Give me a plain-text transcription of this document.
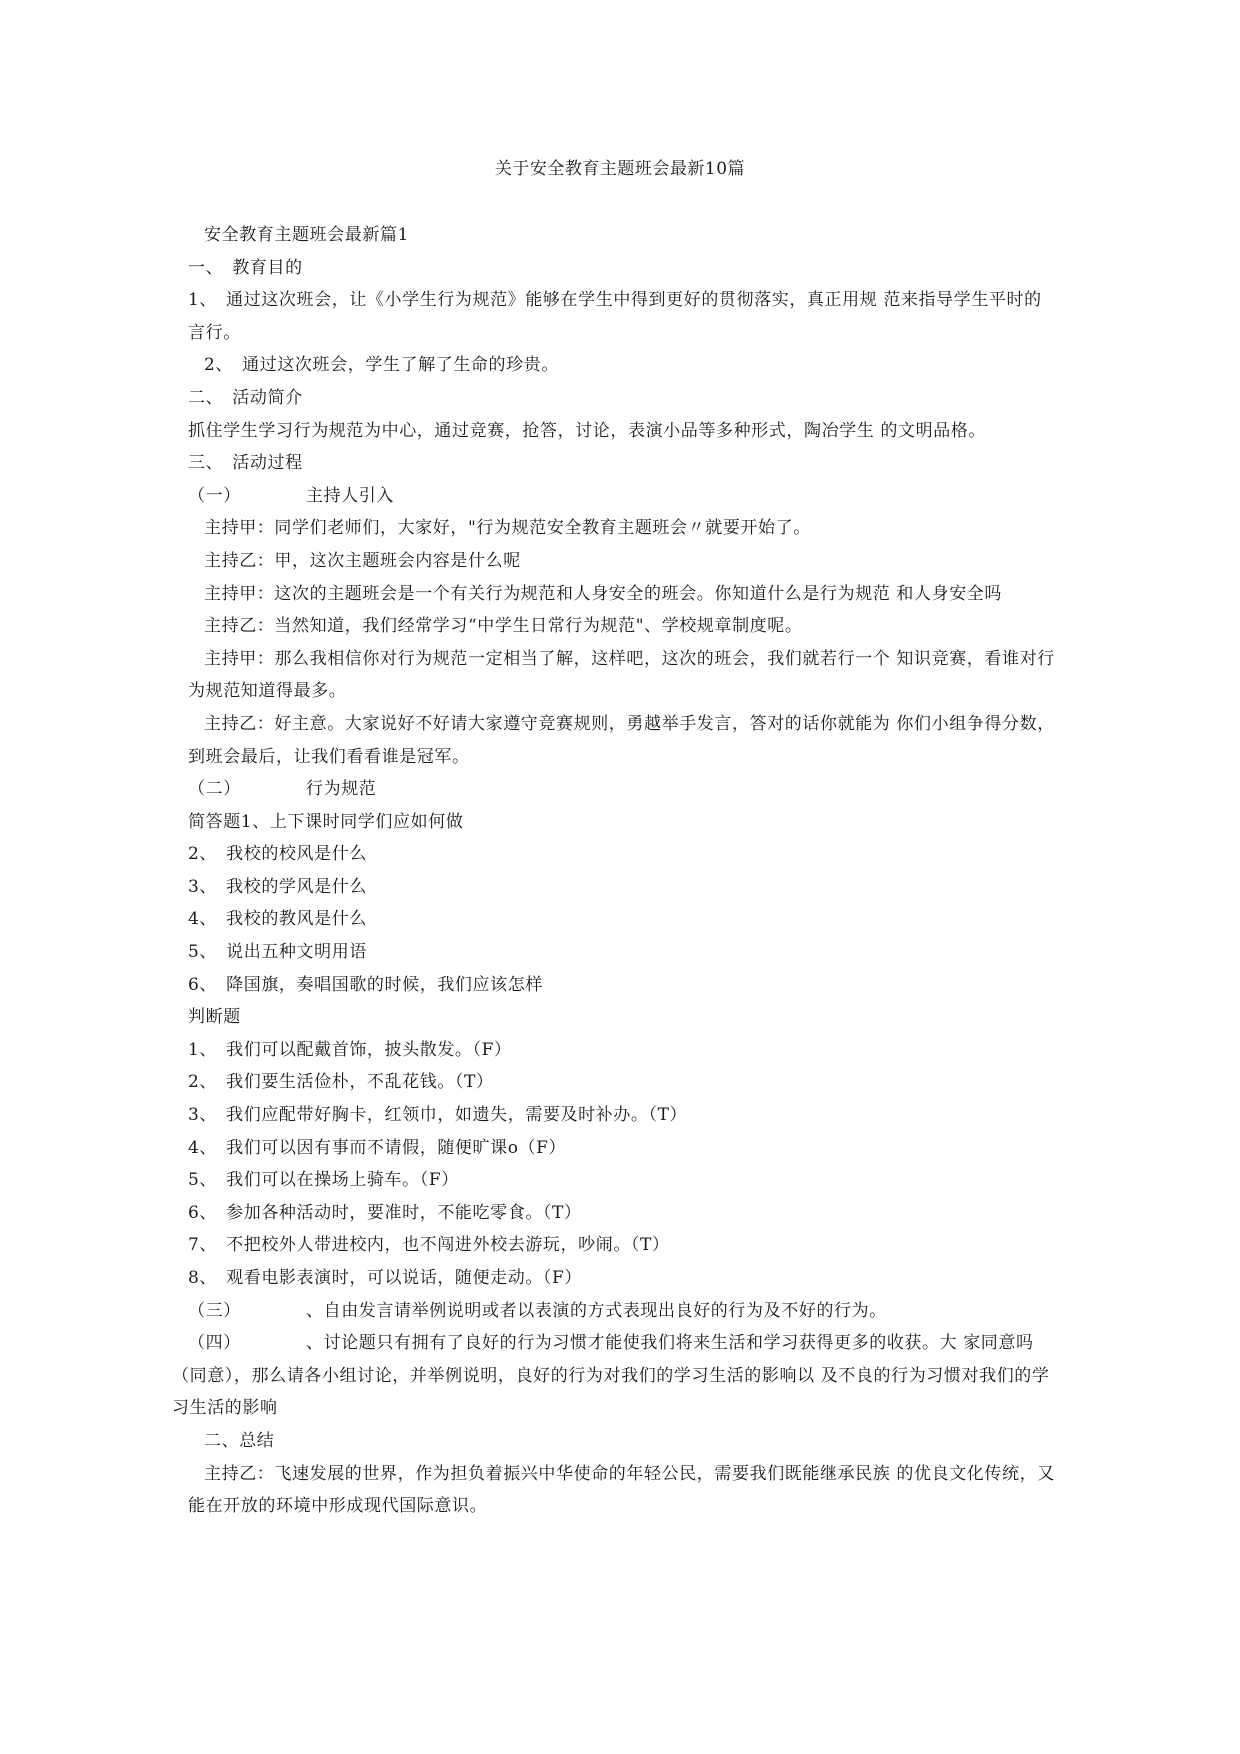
关于安全教育主题班会最新10篇

安全教育主题班会最新篇1

一、　教育目的

1、　通过这次班会，让《小学生行为规范》能够在学生中得到更好的贯彻落实，真正用规 范来指导学生平时的言行。

2、　通过这次班会，学生了解了生命的珍贵。

二、　活动简介

抓住学生学习行为规范为中心，通过竞赛，抢答，讨论，表演小品等多种形式，陶冶学生 的文明品格。

三、　活动过程

（一）	主持人引入

主持甲：同学们老师们，大家好，"行为规范安全教育主题班会〃就要开始了。

主持乙：甲，这次主题班会内容是什么呢

主持甲：这次的主题班会是一个有关行为规范和人身安全的班会。你知道什么是行为规范 和人身安全吗

主持乙：当然知道，我们经常学习“中学生日常行为规范"、学校规章制度呢。

主持甲：那么我相信你对行为规范一定相当了解，这样吧，这次的班会，我们就若行一个 知识竞赛，看谁对行为规范知道得最多。

主持乙：好主意。大家说好不好请大家遵守竞赛规则，勇越举手发言，答对的话你就能为 你们小组争得分数，到班会最后，让我们看看谁是冠军。

（二）	行为规范

简答题1、上下课时同学们应如何做

2、　我校的校风是什么

3、　我校的学风是什么

4、　我校的教风是什么

5、　说出五种文明用语

6、　降国旗，奏唱国歌的时候，我们应该怎样

判断题

1、　我们可以配戴首饰，披头散发。（F）

2、　我们要生活俭朴，不乱花钱。（T）

3、　我们应配带好胸卡，红领巾，如遗失，需要及时补办。（T）

4、　我们可以因有事而不请假，随便旷课o（F）

5、　我们可以在操场上骑车。（F）

6、　参加各种活动时，要准时，不能吃零食。（T）

7、　不把校外人带进校内，也不闯进外校去游玩，吵闹。（T）

8、　观看电影表演时，可以说话，随便走动。（F）

（三）	、自由发言请举例说明或者以表演的方式表现出良好的行为及不好的行为。

（四）	、讨论题只有拥有了良好的行为习惯才能使我们将来生活和学习获得更多的收获。大 家同意吗（同意），那么请各小组讨论，并举例说明，良好的行为对我们的学习生活的影响以 及不良的行为习惯对我们的学习生活的影响

二、总结

主持乙：飞速发展的世界，作为担负着振兴中华使命的年轻公民，需要我们既能继承民族 的优良文化传统，又能在开放的环境中形成现代国际意识。
